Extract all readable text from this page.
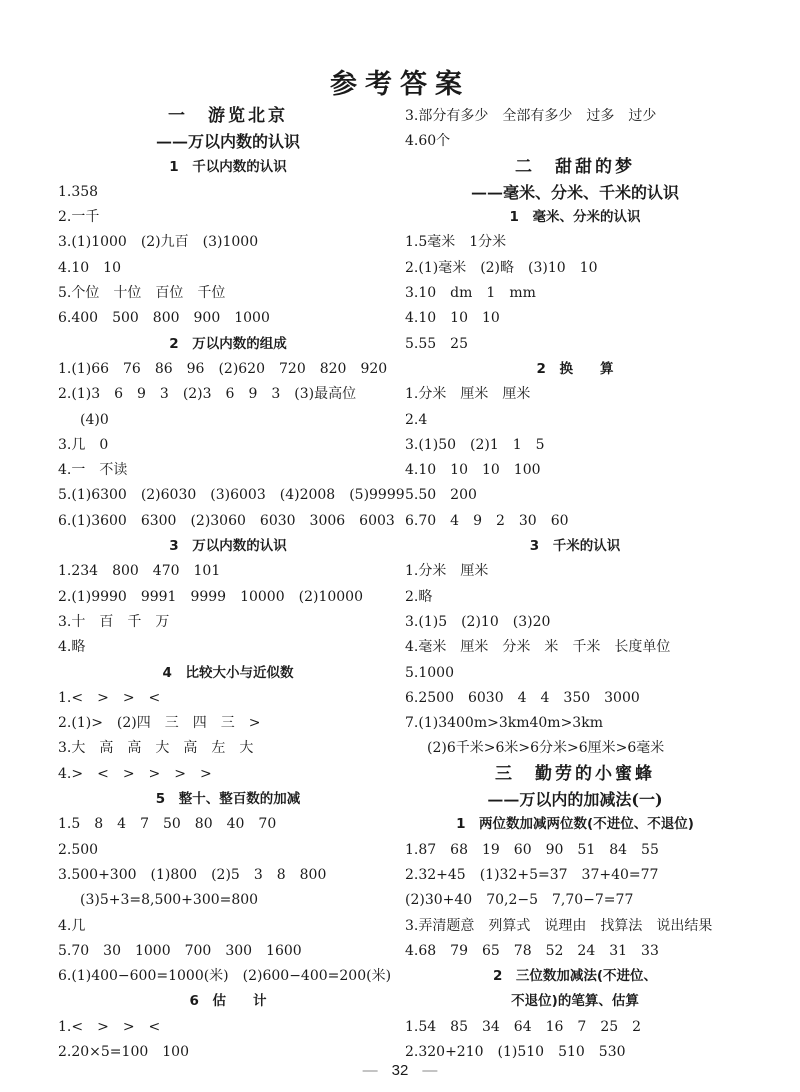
参考答案
一　游览北京
——万以内数的认识
1　千以内数的认识
1.358
2.一千
3.(1)1000　(2)九百　(3)1000
4.10　10
5.个位　十位　百位　千位
6.400　500　800　900　1000
2　万以内数的组成
1.(1)66　76　86　96　(2)620　720　820　920
2.(1)3　6　9　3　(2)3　6　9　3　(3)最高位
(4)0
3.几　0
4.一　不读
5.(1)6300　(2)6030　(3)6003　(4)2008　(5)9999
6.(1)3600　6300　(2)3060　6030　3006　6003
3　万以内数的认识
1.234　800　470　101
2.(1)9990　9991　9999　10000　(2)10000
3.十　百　千　万
4.略
4　比较大小与近似数
1.<　>　>　<
2.(1)>　(2)四　三　四　三　>
3.大　高　高　大　高　左　大
4.>　<　>　>　>　>
5　整十、整百数的加减
1.5　8　4　7　50　80　40　70
2.500
3.500+300　(1)800　(2)5　3　8　800
(3)5+3=8,500+300=800
4.几
5.70　30　1000　700　300　1600
6.(1)400−600=1000(米)　(2)600−400=200(米)
6　估　　计
1.<　>　>　<
2.20×5=100　100
3.部分有多少　全部有多少　过多　过少
4.60个
二　甜甜的梦
——毫米、分米、千米的认识
1　毫米、分米的认识
1.5毫米　1分米
2.(1)毫米　(2)略　(3)10　10
3.10　dm　1　mm
4.10　10　10
5.55　25
2　换　　算
1.分米　厘米　厘米
2.4
3.(1)50　(2)1　1　5
4.10　10　10　100
5.50　200
6.70　4　9　2　30　60
3　千米的认识
1.分米　厘米
2.略
3.(1)5　(2)10　(3)20
4.毫米　厘米　分米　米　千米　长度单位
5.1000
6.2500　6030　4　4　350　3000
7.(1)3400m>3km40m>3km
(2)6千米>6米>6分米>6厘米>6毫米
三　勤劳的小蜜蜂
——万以内的加减法(一)
1　两位数加减两位数(不进位、不退位)
1.87　68　19　60　90　51　84　55
2.32+45　(1)32+5=37　37+40=77
(2)30+40　70,2−5　7,70−7=77
3.弄清题意　列算式　说理由　找算法　说出结果
4.68　79　65　78　52　24　31　33
2　三位数加减法(不进位、
不退位)的笔算、估算
1.54　85　34　64　16　7　25　2
2.320+210　(1)510　510　530
— 32 —
